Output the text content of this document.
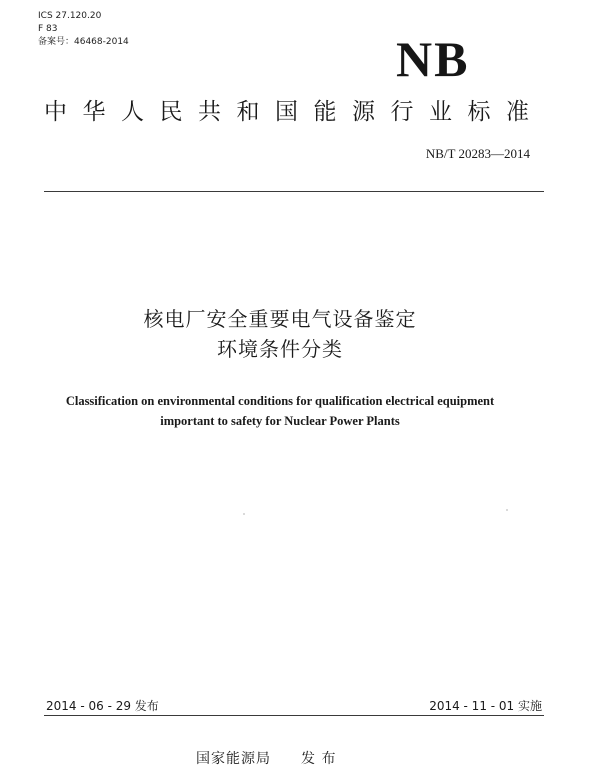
ICS 27.120.20
F 83
备案号：46468-2014	NB
中华人民共和国能源行业标准
NB/T 20283—2014
核电厂安全重要电气设备鉴定
环境条件分类
Classification on environmental conditions for qualification electrical equipment
important to safety for Nuclear Power Plants
2014 - 06 - 29 发布	2014 - 11 - 01 实施
国家能源局 发 布
